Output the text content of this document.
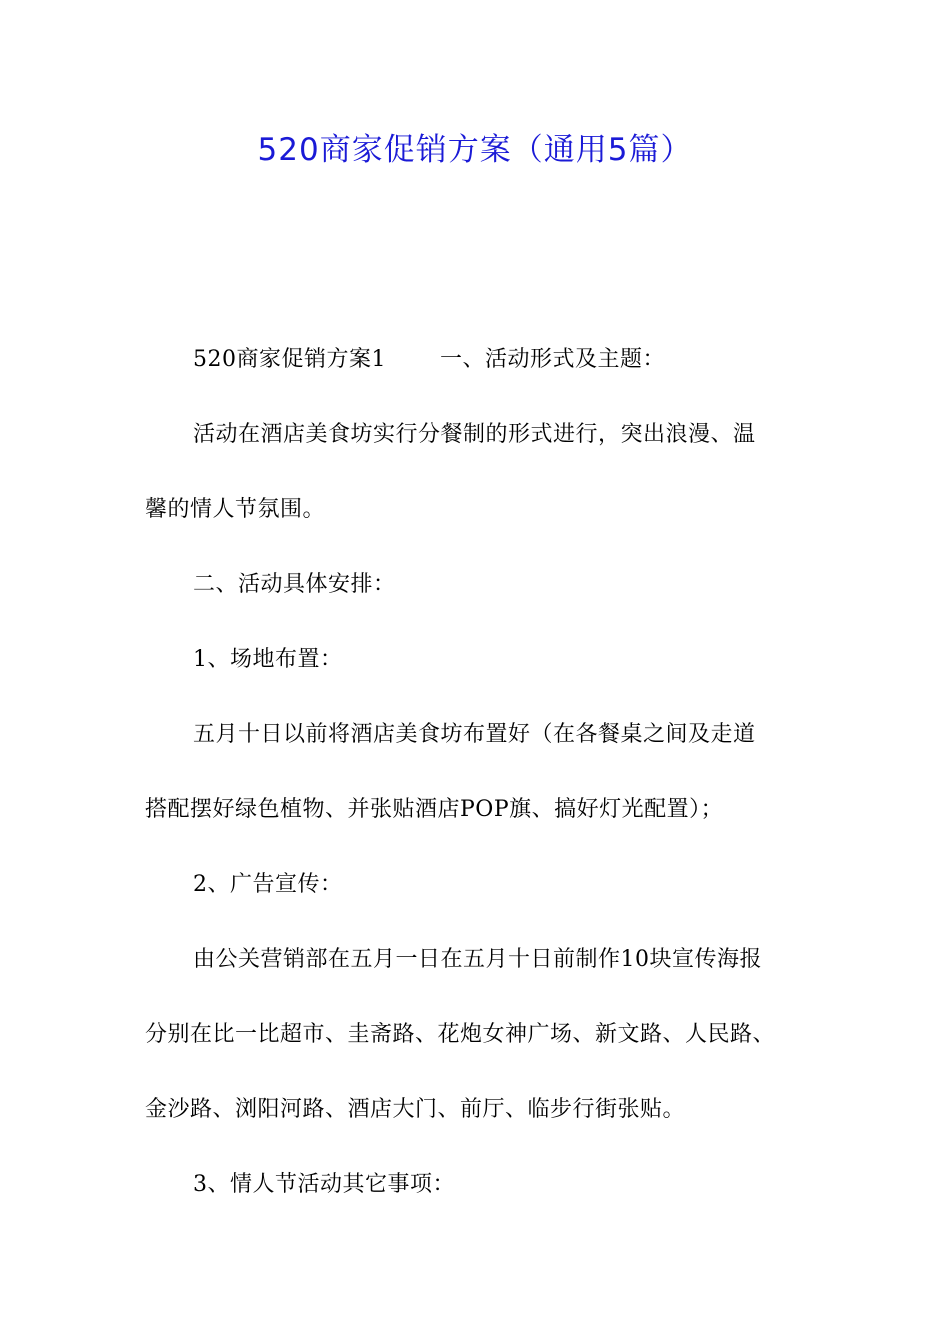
520商家促销方案（通用5篇）
520商家促销方案1 一、活动形式及主题：
活动在酒店美食坊实行分餐制的形式进行，突出浪漫、温
馨的情人节氛围。
二、活动具体安排：
1、场地布置：
五月十日以前将酒店美食坊布置好（在各餐桌之间及走道
搭配摆好绿色植物、并张贴酒店POP旗、搞好灯光配置）；
2、广告宣传：
由公关营销部在五月一日在五月十日前制作10块宣传海报
分别在比一比超市、圭斋路、花炮女神广场、新文路、人民路、
金沙路、浏阳河路、酒店大门、前厅、临步行街张贴。
3、情人节活动其它事项：
